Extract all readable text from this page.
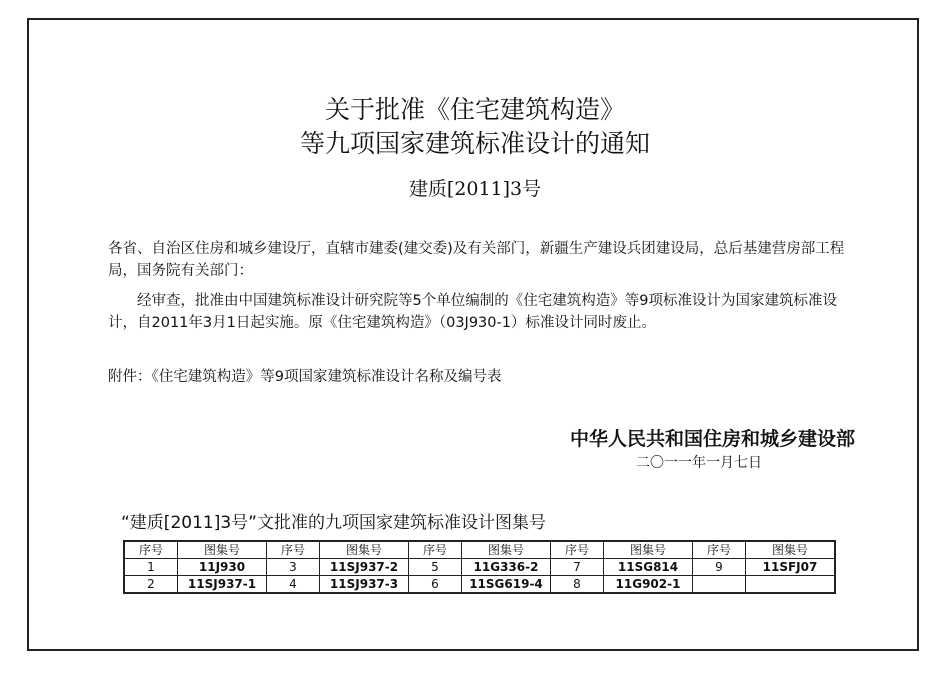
关于批准《住宅建筑构造》
等九项国家建筑标准设计的通知
建质[2011]3号
各省、自治区住房和城乡建设厅，直辖市建委(建交委)及有关部门，新疆生产建设兵团建设局，总后基建营房部工程局，国务院有关部门：
经审查，批准由中国建筑标准设计研究院等5个单位编制的《住宅建筑构造》等9项标准设计为国家建筑标准设计，自2011年3月1日起实施。原《住宅建筑构造》（03J930-1）标准设计同时废止。
附件：《住宅建筑构造》等9项国家建筑标准设计名称及编号表
中华人民共和国住房和城乡建设部
二〇一一年一月七日
“建质[2011]3号”文批准的九项国家建筑标准设计图集号
序号	图集号	序号	图集号	序号	图集号	序号	图集号	序号	图集号
1	11J930	3	11SJ937-2	5	11G336-2	7	11SG814	9	11SFJ07
2	11SJ937-1	4	11SJ937-3	6	11SG619-4	8	11G902-1		
